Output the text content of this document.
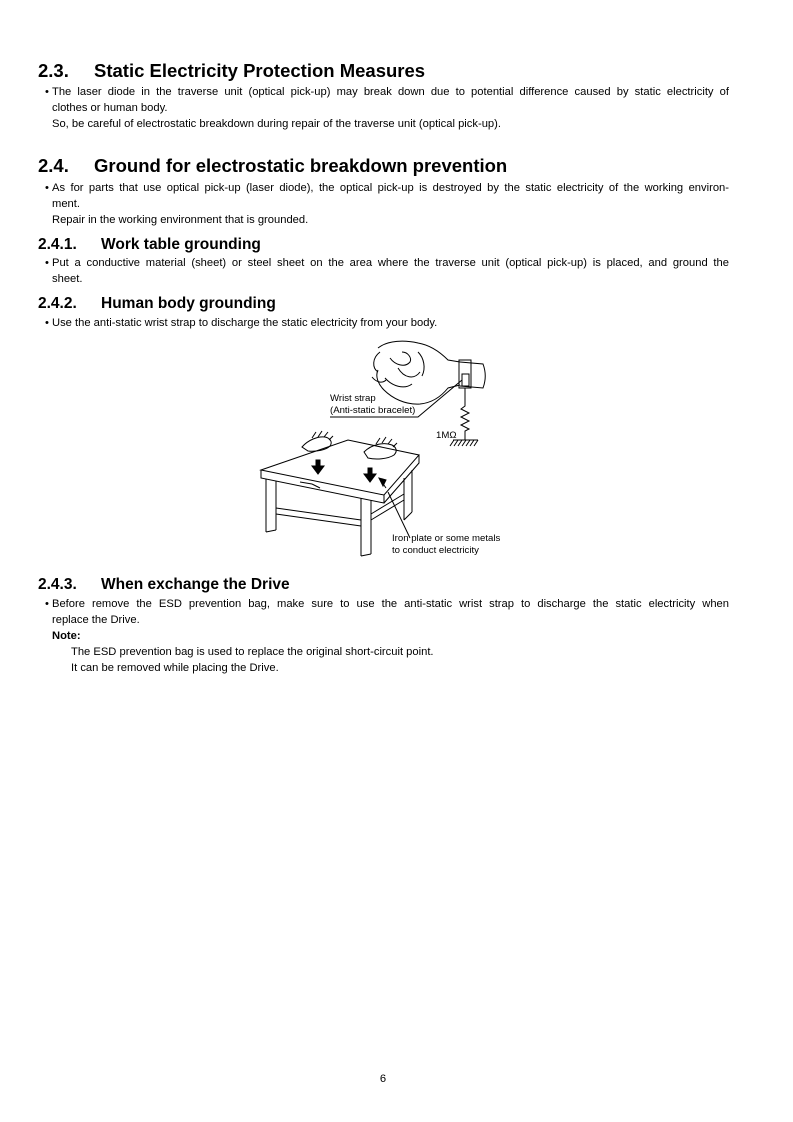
2.3. Static Electricity Protection Measures
• The laser diode in the traverse unit (optical pick-up) may break down due to potential difference caused by static electricity of
clothes or human body.
So, be careful of electrostatic breakdown during repair of the traverse unit (optical pick-up).
2.4. Ground for electrostatic breakdown prevention
• As for parts that use optical pick-up (laser diode), the optical pick-up is destroyed by the static electricity of the working environ-
ment.
Repair in the working environment that is grounded.
2.4.1. Work table grounding
• Put a conductive material (sheet) or steel sheet on the area where the traverse unit (optical pick-up) is placed, and ground the
sheet.
2.4.2. Human body grounding
• Use the anti-static wrist strap to discharge the static electricity from your body.
Wrist strap
(Anti-static bracelet)
1MΩ
Iron plate or some metals
to conduct electricity
2.4.3. When exchange the Drive
• Before remove the ESD prevention bag, make sure to use the anti-static wrist strap to discharge the static electricity when
replace the Drive.
Note:
The ESD prevention bag is used to replace the original short-circuit point.
It can be removed while placing the Drive.
6
